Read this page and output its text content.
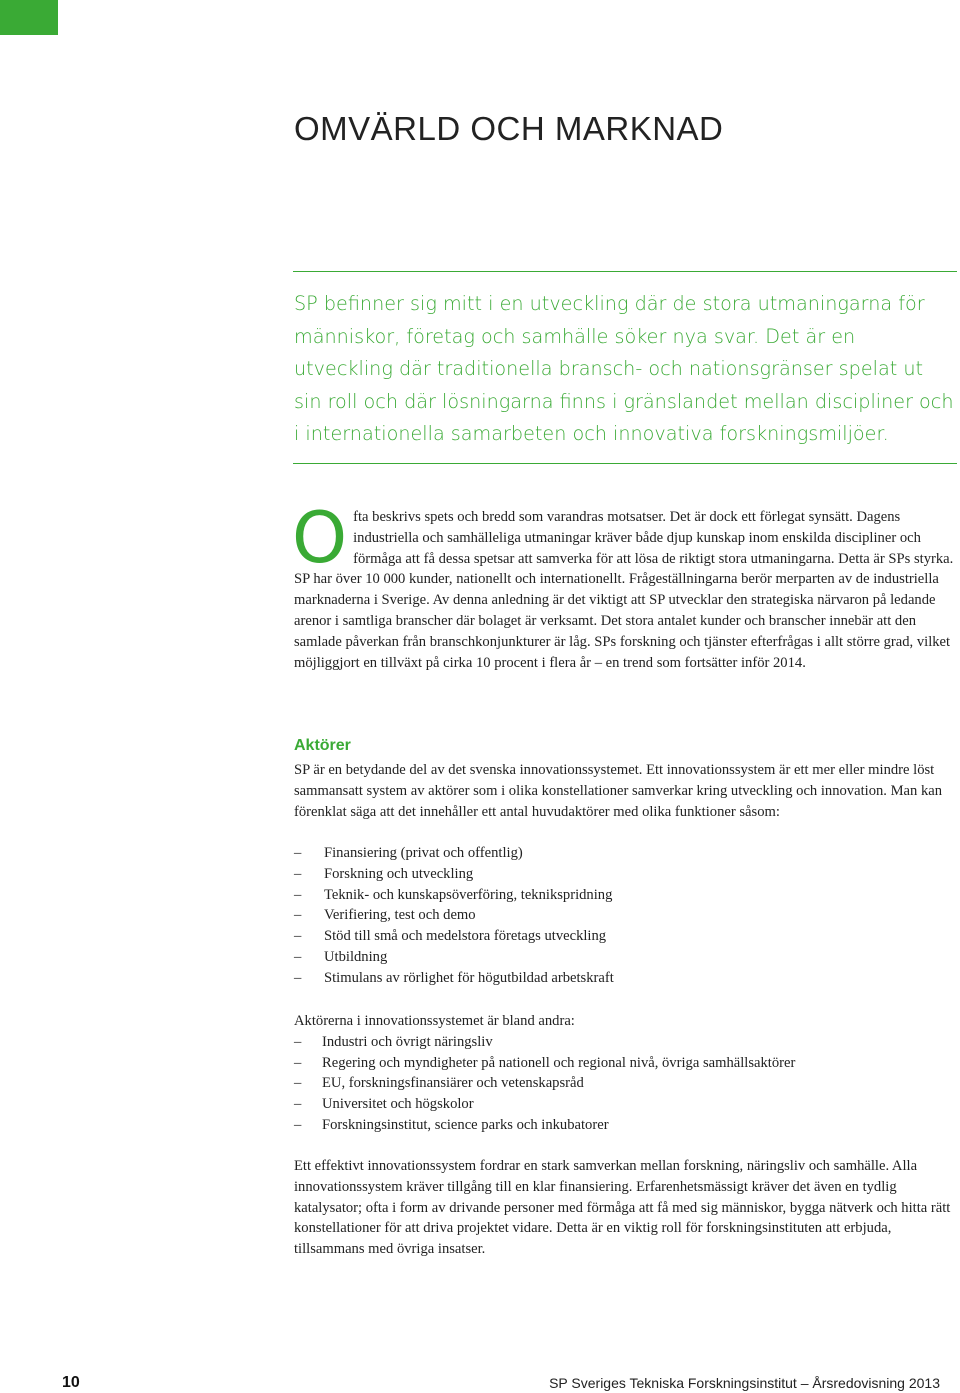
OMVÄRLD OCH MARKNAD

SP befinner sig mitt i en utveckling där de stora utmaningarna för människor, företag och samhälle söker nya svar. Det är en utveckling där traditionella bransch- och nationsgränser spelat ut sin roll och där lösningarna finns i gränslandet mellan discipliner och i internationella samarbeten och innovativa forskningsmiljöer.

O fta beskrivs spets och bredd som varandras motsatser. Det är dock ett förlegat synsätt. Dagens industriella och samhälleliga utmaningar kräver både djup kunskap inom enskilda discipliner och förmåga att få dessa spetsar att samverka för att lösa de riktigt stora utmaningarna. Detta är SPs styrka.

SP har över 10 000 kunder, nationellt och internationellt. Frågeställningarna berör merparten av de industriella marknaderna i Sverige. Av denna anledning är det viktigt att SP utvecklar den strategiska närvaron på ledande arenor i samtliga branscher där bolaget är verksamt. Det stora antalet kunder och branscher innebär att den samlade påverkan från branschkonjunkturer är låg. SPs forskning och tjänster efterfrågas i allt större grad, vilket möjliggjort en tillväxt på cirka 10 procent i flera år – en trend som fortsätter inför 2014.

Aktörer

SP är en betydande del av det svenska innovationssystemet. Ett innovationssystem är ett mer eller mindre löst sammansatt system av aktörer som i olika konstellationer samverkar kring utveckling och innovation. Man kan förenklat säga att det innehåller ett antal huvudaktörer med olika funktioner såsom:

– Finansiering (privat och offentlig)
– Forskning och utveckling
– Teknik- och kunskapsöverföring, teknikspridning
– Verifiering, test och demo
– Stöd till små och medelstora företags utveckling
– Utbildning
– Stimulans av rörlighet för högutbildad arbetskraft

Aktörerna i innovationssystemet är bland andra:

– Industri och övrigt näringsliv
– Regering och myndigheter på nationell och regional nivå, övriga samhällsaktörer
– EU, forskningsfinansiärer och vetenskapsråd
– Universitet och högskolor
– Forskningsinstitut, science parks och inkubatorer

Ett effektivt innovationssystem fordrar en stark samverkan mellan forskning, näringsliv och samhälle. Alla innovationssystem kräver tillgång till en klar finansiering. Erfarenhetsmässigt kräver det även en tydlig katalysator; ofta i form av drivande personer med förmåga att få med sig människor, bygga nätverk och hitta rätt konstellationer för att driva projektet vidare. Detta är en viktig roll för forskningsinstituten att erbjuda, tillsammans med övriga insatser.

10	SP Sveriges Tekniska Forskningsinstitut – Årsredovisning 2013
